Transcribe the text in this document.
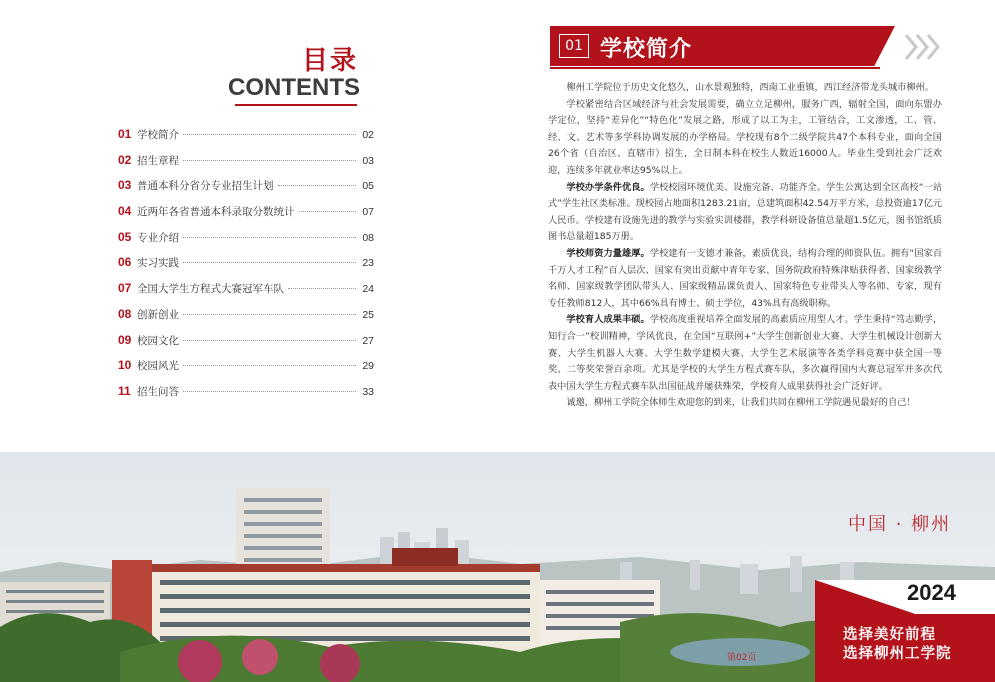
目录
CONTENTS
01 学校简介	02
02 招生章程	03
03 普通本科分省分专业招生计划	05
04 近两年各省普通本科录取分数统计	07
05 专业介绍	08
06 实习实践	23
07 全国大学生方程式大赛冠军车队	24
08 创新创业	25
09 校园文化	27
10 校园风光	29
11 招生问答	33
01 学校简介

柳州工学院位于历史文化悠久，山水景观独特，西南工业重镇，西江经济带龙头城市柳州。

学校紧密结合区域经济与社会发展需要，确立立足柳州，服务广西，辐射全国，面向东盟办学定位，坚持“差异化”“特色化”发展之路，形成了以工为主，工管结合，工文渗透，工、管、经、文、艺术等多学科协调发展的办学格局。学校现有8个二级学院共47个本科专业，面向全国26个省（自治区、直辖市）招生，全日制本科在校生人数近16000人。毕业生受到社会广泛欢迎，连续多年就业率达95%以上。

学校办学条件优良。学校校园环境优美、设施完备、功能齐全。学生公寓达到全区高校“一站式”学生社区类标准。现校园占地面积1283.21亩，总建筑面积42.54万平方米，总投资逾17亿元人民币。学校建有设施先进的教学与实验实训楼群，教学科研设备值总量超1.5亿元，图书馆纸质图书总量超185万册。

学校师资力量雄厚。学校建有一支德才兼备，素质优良，结构合理的师资队伍。拥有“国家百千万人才工程”百人层次、国家有突出贡献中青年专家、国务院政府特殊津贴获得者、国家级教学名师、国家级教学团队带头人、国家级精品课负责人、国家特色专业带头人等名师、专家，现有专任教师812人，其中66%具有博士、硕士学位，43%具有高级职称。

学校育人成果丰硕。学校高度重视培养全面发展的高素质应用型人才。学生秉持“笃志勤学，知行合一”校训精神，学风优良，在全国“互联网+”大学生创新创业大赛、大学生机械设计创新大赛、大学生机器人大赛、大学生数学建模大赛、大学生艺术展演等各类学科竞赛中获全国一等奖、二等奖荣誉百余项。尤其是学校的大学生方程式赛车队，多次赢得国内大赛总冠军并多次代表中国大学生方程式赛车队出国征战并屡获殊荣，学校育人成果获得社会广泛好评。

诚邀，柳州工学院全体师生欢迎您的到来，让我们共同在柳州工学院遇见最好的自己！

中国 · 柳州
2024
选择美好前程
选择柳州工学院
第02页
